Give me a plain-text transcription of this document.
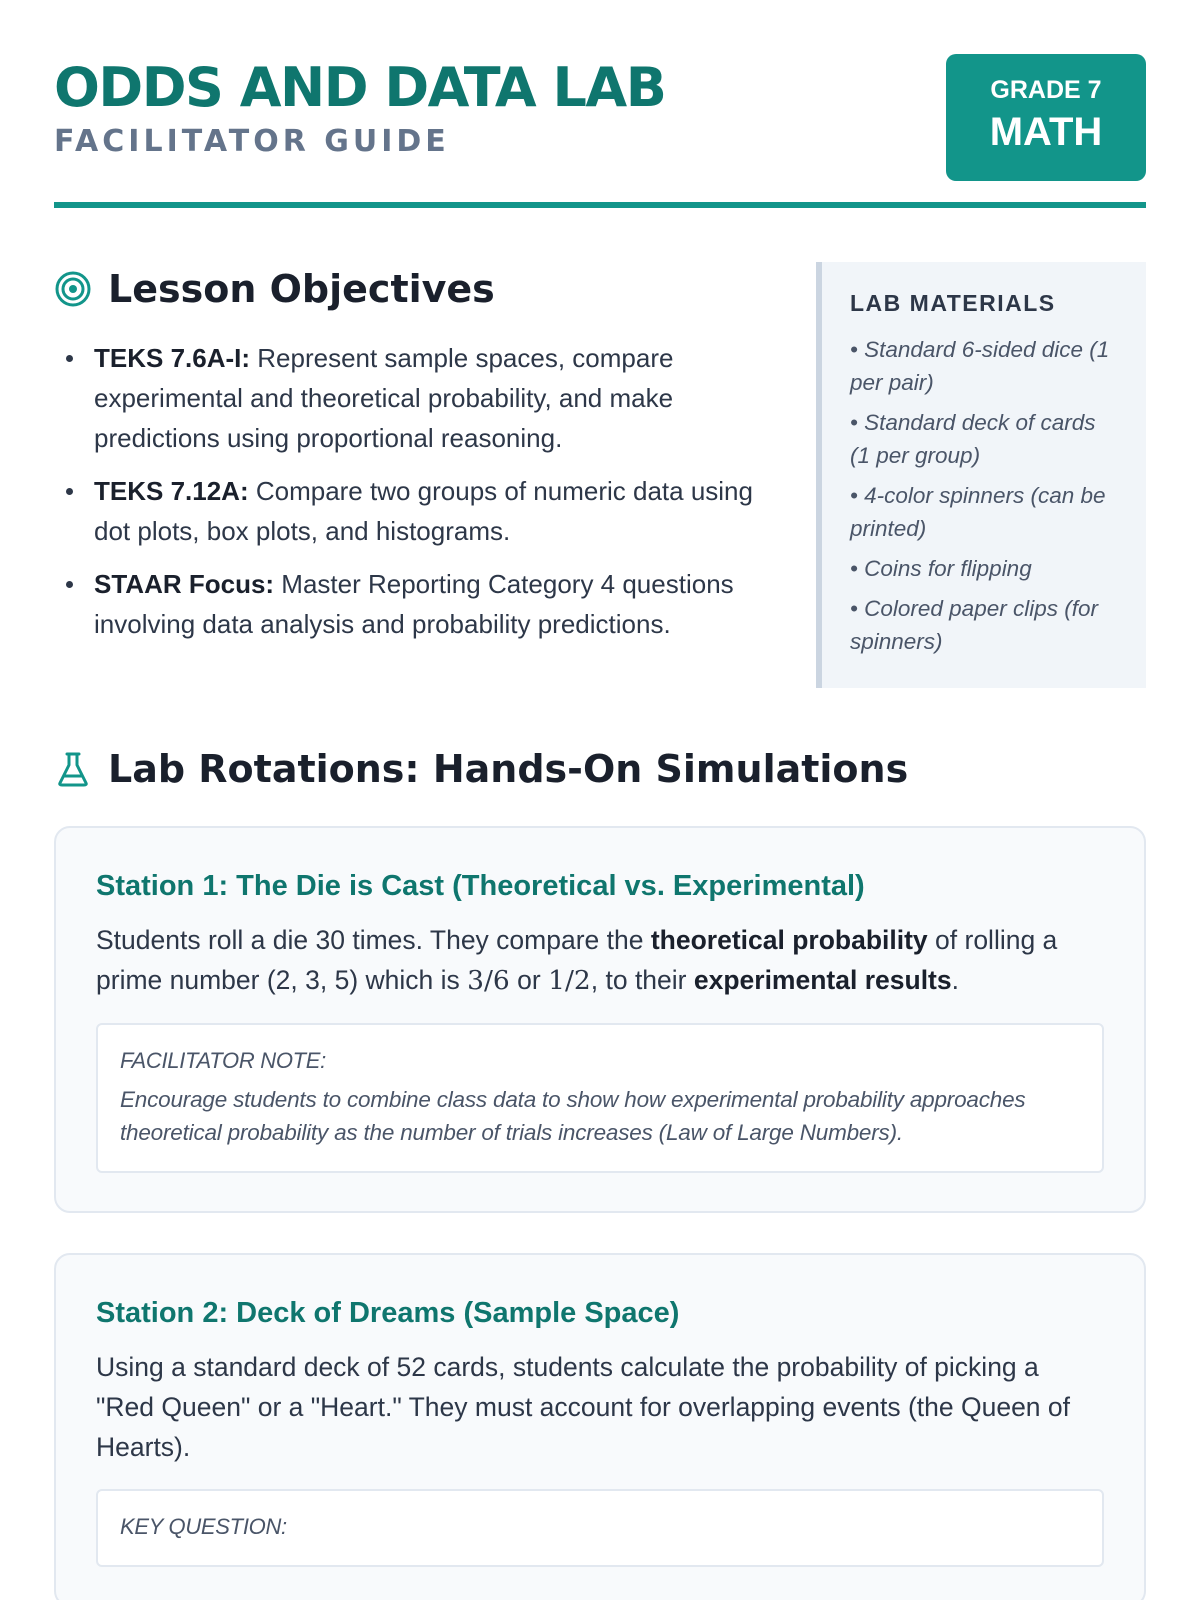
ODDS AND DATA LAB
FACILITATOR GUIDE
GRADE 7
MATH
Lesson Objectives
TEKS 7.6A-I: Represent sample spaces, compare experimental and theoretical probability, and make predictions using proportional reasoning.
TEKS 7.12A: Compare two groups of numeric data using dot plots, box plots, and histograms.
STAAR Focus: Master Reporting Category 4 questions involving data analysis and probability predictions.
LAB MATERIALS
• Standard 6-sided dice (1 per pair)
• Standard deck of cards (1 per group)
• 4-color spinners (can be printed)
• Coins for flipping
• Colored paper clips (for spinners)
Lab Rotations: Hands-On Simulations
Station 1: The Die is Cast (Theoretical vs. Experimental)
Students roll a die 30 times. They compare the theoretical probability of rolling a prime number (2, 3, 5) which is 3/6 or 1/2, to their experimental results.
FACILITATOR NOTE:
Encourage students to combine class data to show how experimental probability approaches theoretical probability as the number of trials increases (Law of Large Numbers).
Station 2: Deck of Dreams (Sample Space)
Using a standard deck of 52 cards, students calculate the probability of picking a "Red Queen" or a "Heart." They must account for overlapping events (the Queen of Hearts).
KEY QUESTION:
